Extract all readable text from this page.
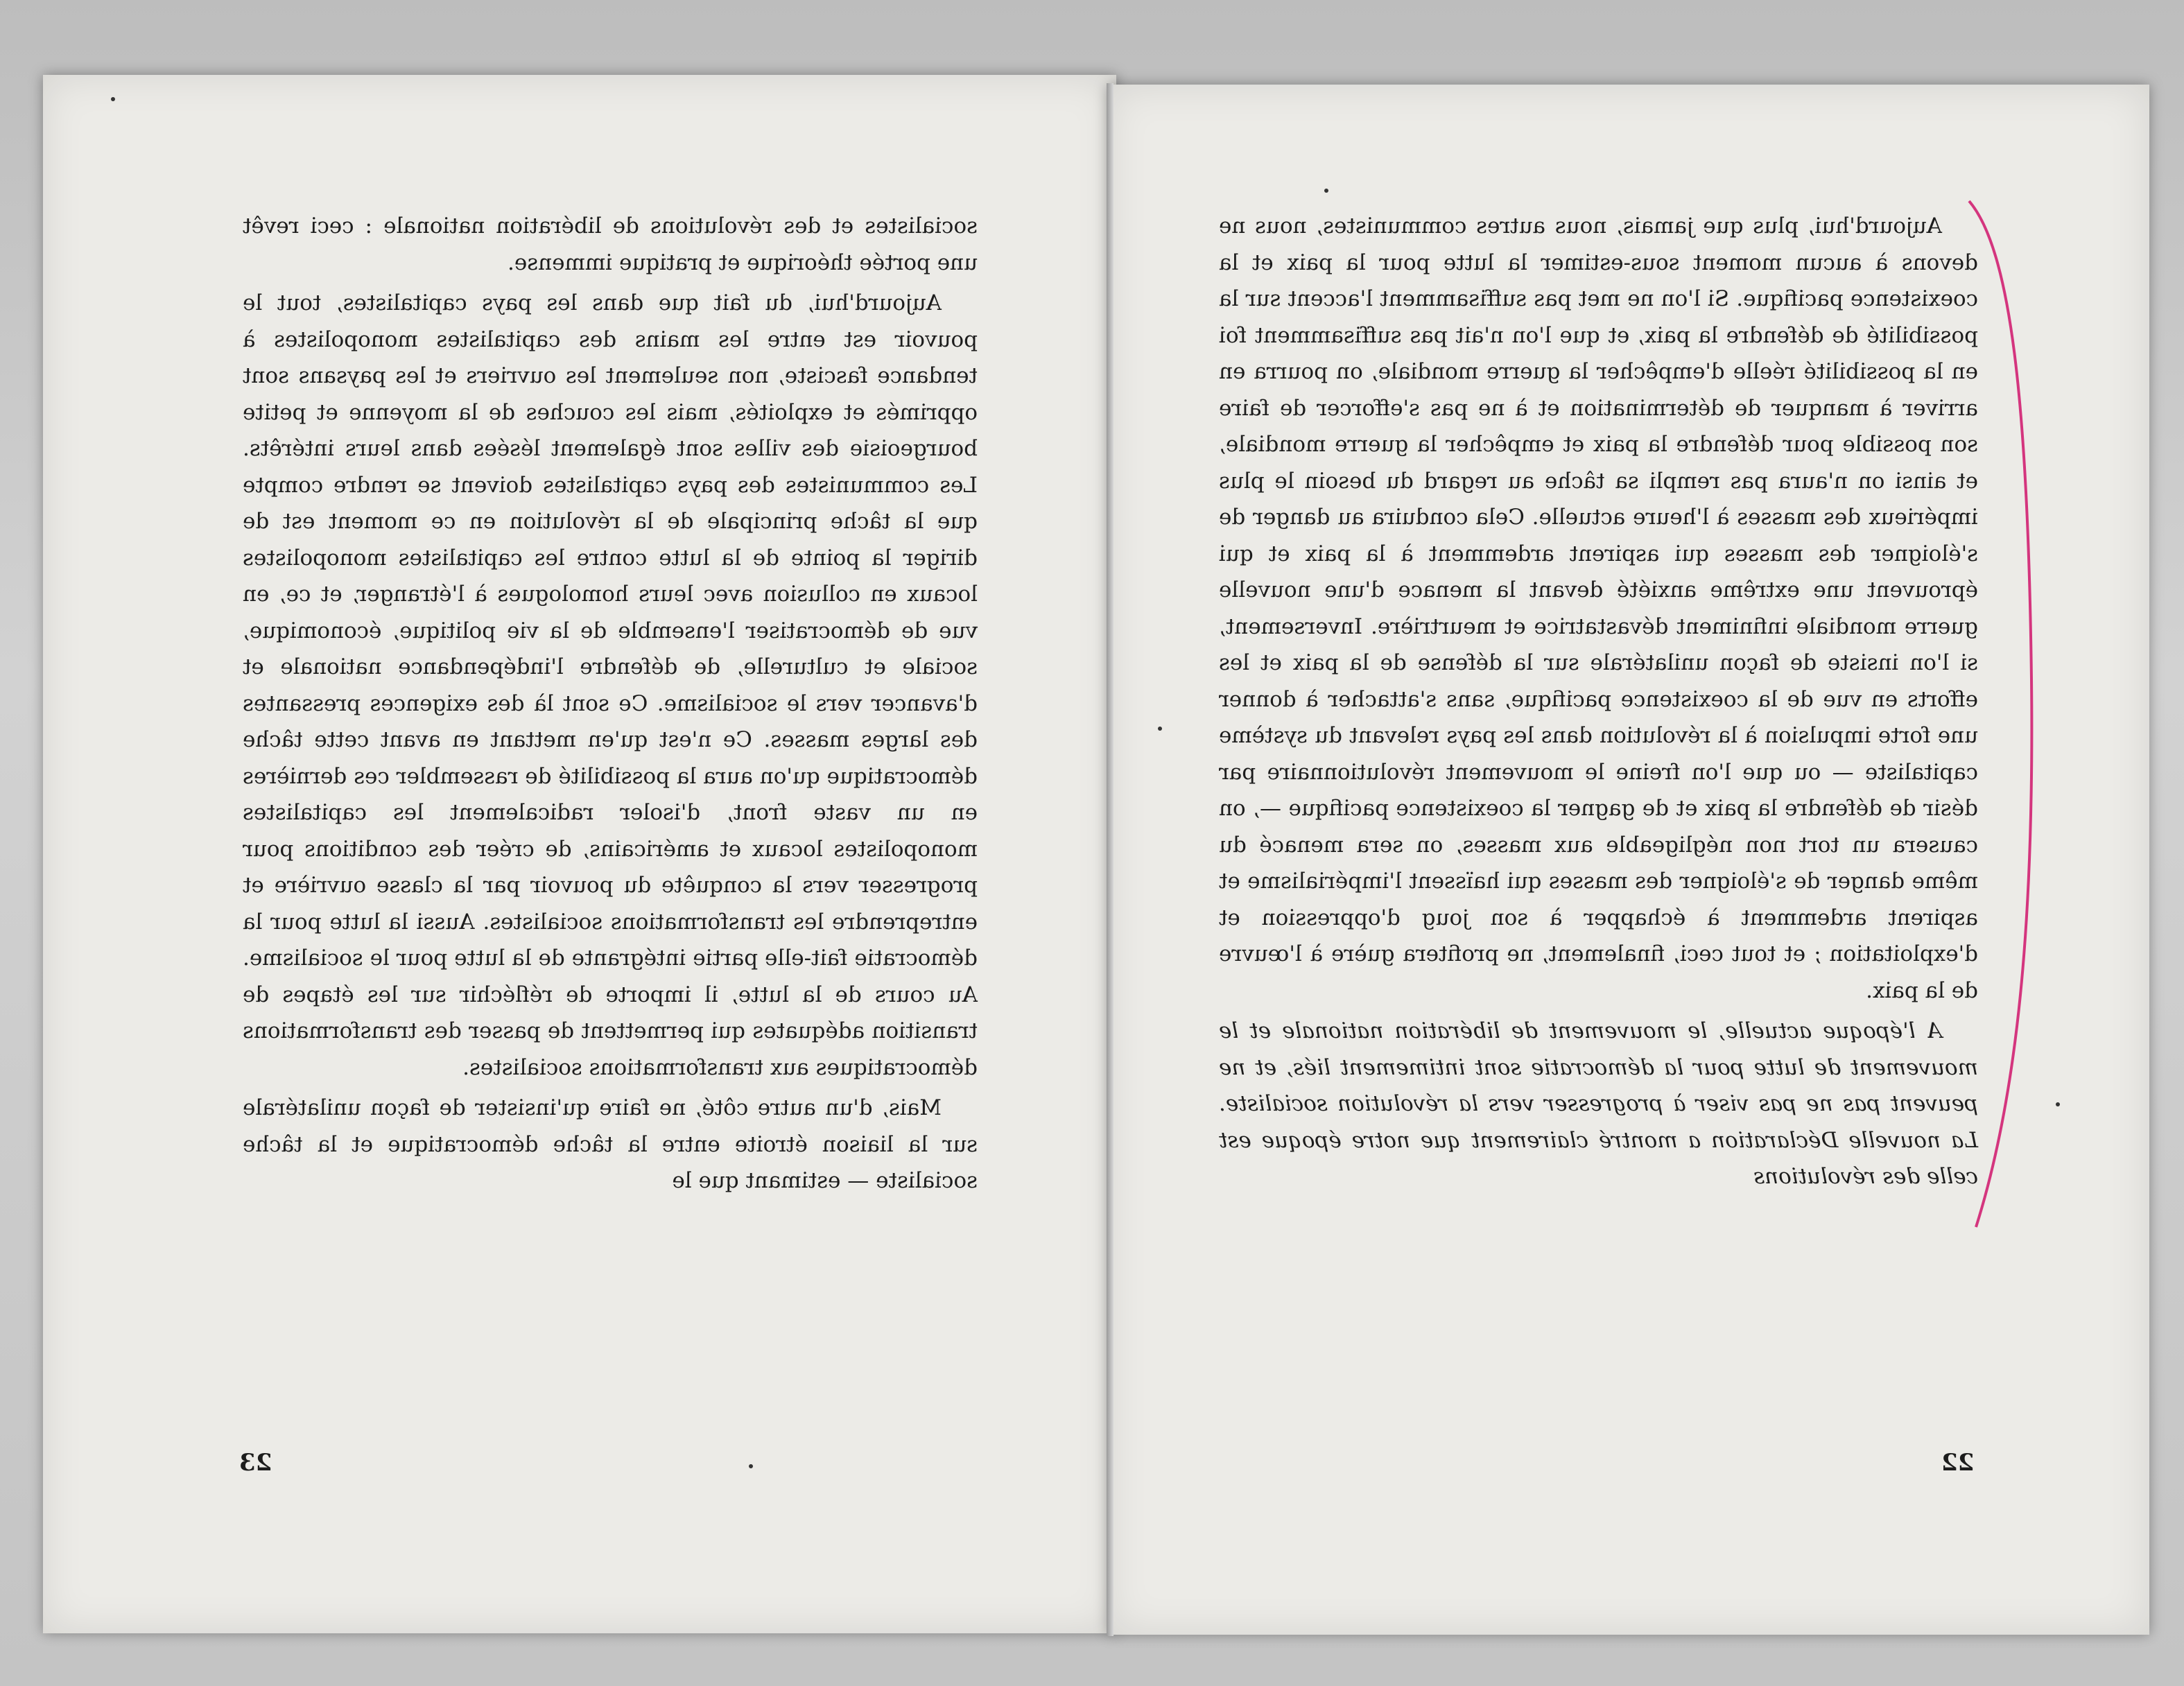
socialistes et des révolutions de libération nationale : ceci revêt une portée théorique et pratique immense.

Aujourd'hui, du fait que dans les pays capitalistes, tout le pouvoir est entre les mains des capitalistes monopolistes à tendance fasciste, non seulement les ouvriers et les paysans sont opprimés et exploités, mais les couches de la moyenne et petite bourgeoisie des villes sont également lésées dans leurs intérêts. Les communistes des pays capitalistes doivent se rendre compte que la tâche principale de la révolution en ce moment est de diriger la pointe de la lutte contre les capitalistes monopolistes locaux en collusion avec leurs homologues à l'étranger, et ce, en vue de démocratiser l'ensemble de la vie politique, économique, sociale et culturelle, de défendre l'indépendance nationale et d'avancer vers le socialisme. Ce sont là des exigences pressantes des larges masses. Ce n'est qu'en mettant en avant cette tâche démocratique qu'on aura la possibilité de rassembler ces dernières en un vaste front, d'isoler radicalement les capitalistes monopolistes locaux et américains, de créer des conditions pour progresser vers la conquête du pouvoir par la classe ouvrière et entreprendre les transformations socialistes. Aussi la lutte pour la démocratie fait-elle partie intégrante de la lutte pour le socialisme. Au cours de la lutte, il importe de réfléchir sur les étapes de transition adéquates qui permettent de passer des transformations démocratiques aux transformations socialistes.

Mais, d'un autre côté, ne faire qu'insister de façon unilatérale sur la liaison étroite entre la tâche démocratique et la tâche socialiste — estimant que le

Aujourd'hui, plus que jamais, nous autres communistes, nous ne devons à aucun moment sous-estimer la lutte pour la paix et la coexistence pacifique. Si l'on ne met pas suffisamment l'accent sur la possibilité de défendre la paix, et que l'on n'ait pas suffisamment foi en la possibilité réelle d'empêcher la guerre mondiale, on pourra en arriver à manquer de détermination et à ne pas s'efforcer de faire son possible pour défendre la paix et empêcher la guerre mondiale, et ainsi on n'aura pas rempli sa tâche au regard du besoin le plus impérieux des masses à l'heure actuelle. Cela conduira au danger de s'éloigner des masses qui aspirent ardemment à la paix et qui éprouvent une extrême anxiété devant la menace d'une nouvelle guerre mondiale infiniment dévastatrice et meurtrière. Inversement, si l'on insiste de façon unilatérale sur la défense de la paix et les efforts en vue de la coexistence pacifique, sans s'attacher à donner une forte impulsion à la révolution dans les pays relevant du système capitaliste — ou que l'on freine le mouvement révolutionnaire par désir de défendre la paix et de gagner la coexistence pacifique —, on causera un tort non négligeable aux masses, on sera menacé du même danger de s'éloigner des masses qui haïssent l'impérialisme et aspirent ardemment à échapper à son joug d'oppression et d'exploitation ; et tout ceci, finalement, ne profitera guère à l'œuvre de la paix.

A l'époque actuelle, le mouvement de libération nationale et le mouvement de lutte pour la démocratie sont intimement liés, et ne peuvent pas ne pas viser à progresser vers la révolution socialiste. La nouvelle Déclaration a montré clairement que notre époque est celle des révolutions

23	22
